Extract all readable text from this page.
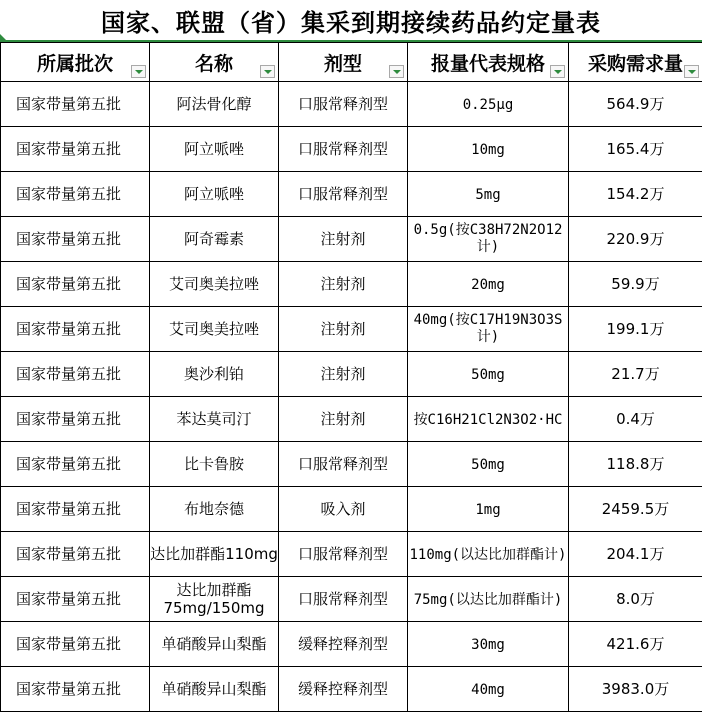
国家、联盟（省）集采到期接续药品约定量表
所属批次	名称	剂型	报量代表规格	采购需求量

国家带量第五批	阿法骨化醇	口服常释剂型	0.25μg	564.9万
国家带量第五批	阿立哌唑	口服常释剂型	10mg	165.4万
国家带量第五批	阿立哌唑	口服常释剂型	5mg	154.2万
国家带量第五批	阿奇霉素	注射剂	0.5g(按C38H72N2O12计)	220.9万
国家带量第五批	艾司奥美拉唑	注射剂	20mg	59.9万
国家带量第五批	艾司奥美拉唑	注射剂	40mg(按C17H19N3O3S计)	199.1万
国家带量第五批	奥沙利铂	注射剂	50mg	21.7万
国家带量第五批	苯达莫司汀	注射剂	按C16H21Cl2N3O2·HC	0.4万
国家带量第五批	比卡鲁胺	口服常释剂型	50mg	118.8万
国家带量第五批	布地奈德	吸入剂	1mg	2459.5万
国家带量第五批	达比加群酯110mg	口服常释剂型	110mg(以达比加群酯计)	204.1万
国家带量第五批	达比加群酯75mg/150mg	口服常释剂型	75mg(以达比加群酯计)	8.0万
国家带量第五批	单硝酸异山梨酯	缓释控释剂型	30mg	421.6万
国家带量第五批	单硝酸异山梨酯	缓释控释剂型	40mg	3983.0万
